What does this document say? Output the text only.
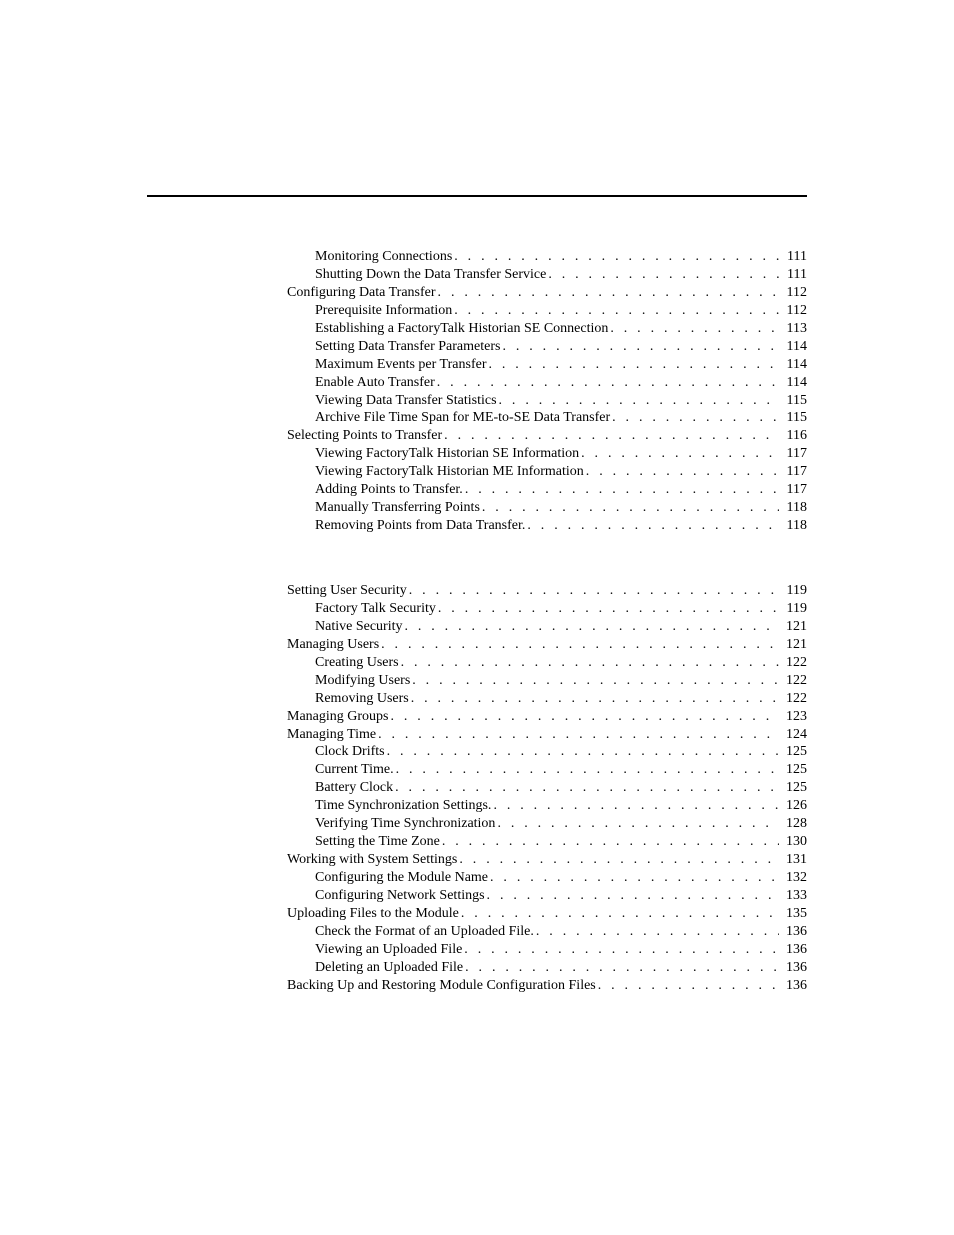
Monitoring Connections . . .	111
Shutting Down the Data Transfer Service . . .	111
Configuring Data Transfer . . .	112
Prerequisite Information . . .	112
Establishing a FactoryTalk Historian SE Connection . . .	113
Setting Data Transfer Parameters . . .	114
Maximum Events per Transfer . . .	114
Enable Auto Transfer . . .	114
Viewing Data Transfer Statistics . . .	115
Archive File Time Span for ME-to-SE Data Transfer . . .	115
Selecting Points to Transfer . . .	116
Viewing FactoryTalk Historian SE Information . . .	117
Viewing FactoryTalk Historian ME Information . . .	117
Adding Points to Transfer. . . .	117
Manually Transferring Points . . .	118
Removing Points from Data Transfer. . . .	118
Setting User Security . . .	119
Factory Talk Security . . .	119
Native Security . . .	121
Managing Users . . .	121
Creating Users . . .	122
Modifying Users . . .	122
Removing Users . . .	122
Managing Groups . . .	123
Managing Time . . .	124
Clock Drifts . . .	125
Current Time. . . .	125
Battery Clock . . .	125
Time Synchronization Settings. . . .	126
Verifying Time Synchronization . . .	128
Setting the Time Zone . . .	130
Working with System Settings . . .	131
Configuring the Module Name . . .	132
Configuring Network Settings . . .	133
Uploading Files to the Module . . .	135
Check the Format of an Uploaded File. . . .	136
Viewing an Uploaded File . . .	136
Deleting an Uploaded File . . .	136
Backing Up and Restoring Module Configuration Files . . .	136
